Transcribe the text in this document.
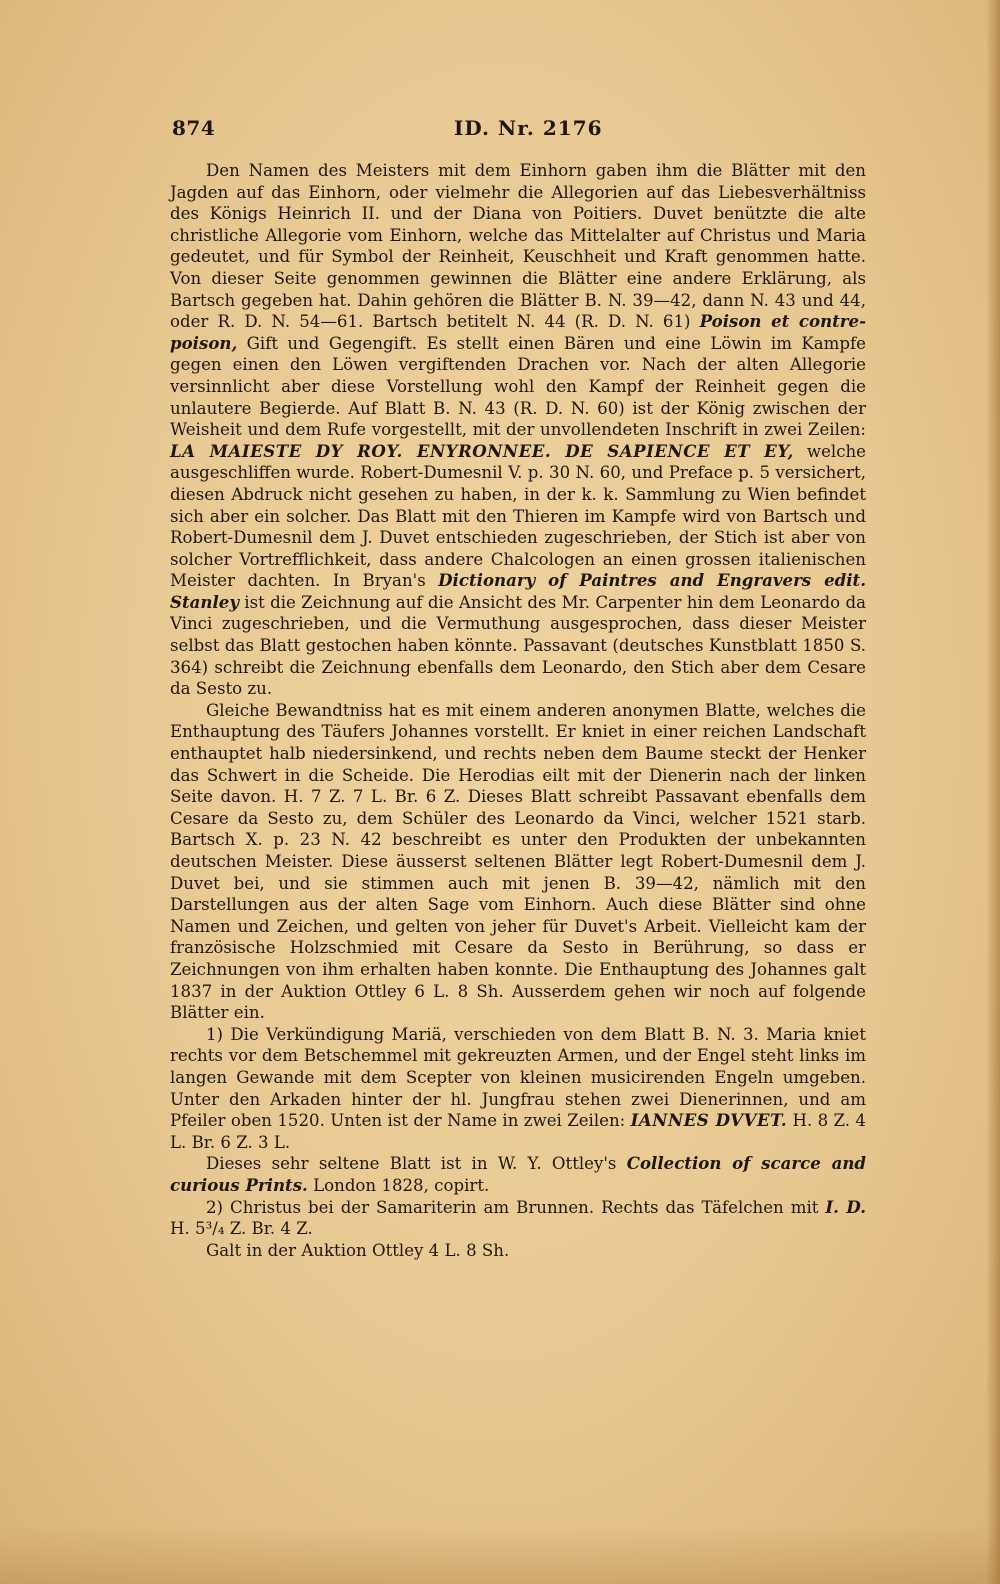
874	ID. Nr. 2176

Den Namen des Meisters mit dem Einhorn gaben ihm die Blätter mit den Jagden auf das Einhorn, oder vielmehr die Allegorien auf das Liebesverhältniss des Königs Heinrich II. und der Diana von Poitiers. Duvet benützte die alte christliche Allegorie vom Einhorn, welche das Mittelalter auf Christus und Maria gedeutet, und für Symbol der Reinheit, Keuschheit und Kraft genommen hatte. Von dieser Seite genommen gewinnen die Blätter eine andere Erklärung, als Bartsch gegeben hat. Dahin gehören die Blätter B. N. 39—42, dann N. 43 und 44, oder R. D. N. 54—61. Bartsch betitelt N. 44 (R. D. N. 61) Poison et contre-poison, Gift und Gegengift. Es stellt einen Bären und eine Löwin im Kampfe gegen einen den Löwen vergiftenden Drachen vor. Nach der alten Allegorie versinnlicht aber diese Vorstellung wohl den Kampf der Reinheit gegen die unlautere Begierde. Auf Blatt B. N. 43 (R. D. N. 60) ist der König zwischen der Weisheit und dem Rufe vorgestellt, mit der unvollendeten Inschrift in zwei Zeilen: LA MAIESTE DY ROY. ENYRONNEE. DE SAPIENCE ET EY, welche ausgeschliffen wurde. Robert-Dumesnil V. p. 30 N. 60, und Preface p. 5 versichert, diesen Abdruck nicht gesehen zu haben, in der k. k. Sammlung zu Wien befindet sich aber ein solcher. Das Blatt mit den Thieren im Kampfe wird von Bartsch und Robert-Dumesnil dem J. Duvet entschieden zugeschrieben, der Stich ist aber von solcher Vortrefflichkeit, dass andere Chalcologen an einen grossen italienischen Meister dachten. In Bryan's Dictionary of Paintres and Engravers edit. Stanley ist die Zeichnung auf die Ansicht des Mr. Carpenter hin dem Leonardo da Vinci zugeschrieben, und die Vermuthung ausgesprochen, dass dieser Meister selbst das Blatt gestochen haben könnte. Passavant (deutsches Kunstblatt 1850 S. 364) schreibt die Zeichnung ebenfalls dem Leonardo, den Stich aber dem Cesare da Sesto zu.

Gleiche Bewandtniss hat es mit einem anderen anonymen Blatte, welches die Enthauptung des Täufers Johannes vorstellt. Er kniet in einer reichen Landschaft enthauptet halb niedersinkend, und rechts neben dem Baume steckt der Henker das Schwert in die Scheide. Die Herodias eilt mit der Dienerin nach der linken Seite davon. H. 7 Z. 7 L. Br. 6 Z. Dieses Blatt schreibt Passavant ebenfalls dem Cesare da Sesto zu, dem Schüler des Leonardo da Vinci, welcher 1521 starb. Bartsch X. p. 23 N. 42 beschreibt es unter den Produkten der unbekannten deutschen Meister. Diese äusserst seltenen Blätter legt Robert-Dumesnil dem J. Duvet bei, und sie stimmen auch mit jenen B. 39—42, nämlich mit den Darstellungen aus der alten Sage vom Einhorn. Auch diese Blätter sind ohne Namen und Zeichen, und gelten von jeher für Duvet's Arbeit. Vielleicht kam der französische Holzschmied mit Cesare da Sesto in Berührung, so dass er Zeichnungen von ihm erhalten haben konnte. Die Enthauptung des Johannes galt 1837 in der Auktion Ottley 6 L. 8 Sh. Ausserdem gehen wir noch auf folgende Blätter ein.

1) Die Verkündigung Mariä, verschieden von dem Blatt B. N. 3. Maria kniet rechts vor dem Betschemmel mit gekreuzten Armen, und der Engel steht links im langen Gewande mit dem Scepter von kleinen musicirenden Engeln umgeben. Unter den Arkaden hinter der hl. Jungfrau stehen zwei Dienerinnen, und am Pfeiler oben 1520. Unten ist der Name in zwei Zeilen: IANNES DVVET. H. 8 Z. 4 L. Br. 6 Z. 3 L.

Dieses sehr seltene Blatt ist in W. Y. Ottley's Collection of scarce and curious Prints. London 1828, copirt.

2) Christus bei der Samariterin am Brunnen. Rechts das Täfelchen mit I. D. H. 5³/₄ Z. Br. 4 Z.

Galt in der Auktion Ottley 4 L. 8 Sh.
